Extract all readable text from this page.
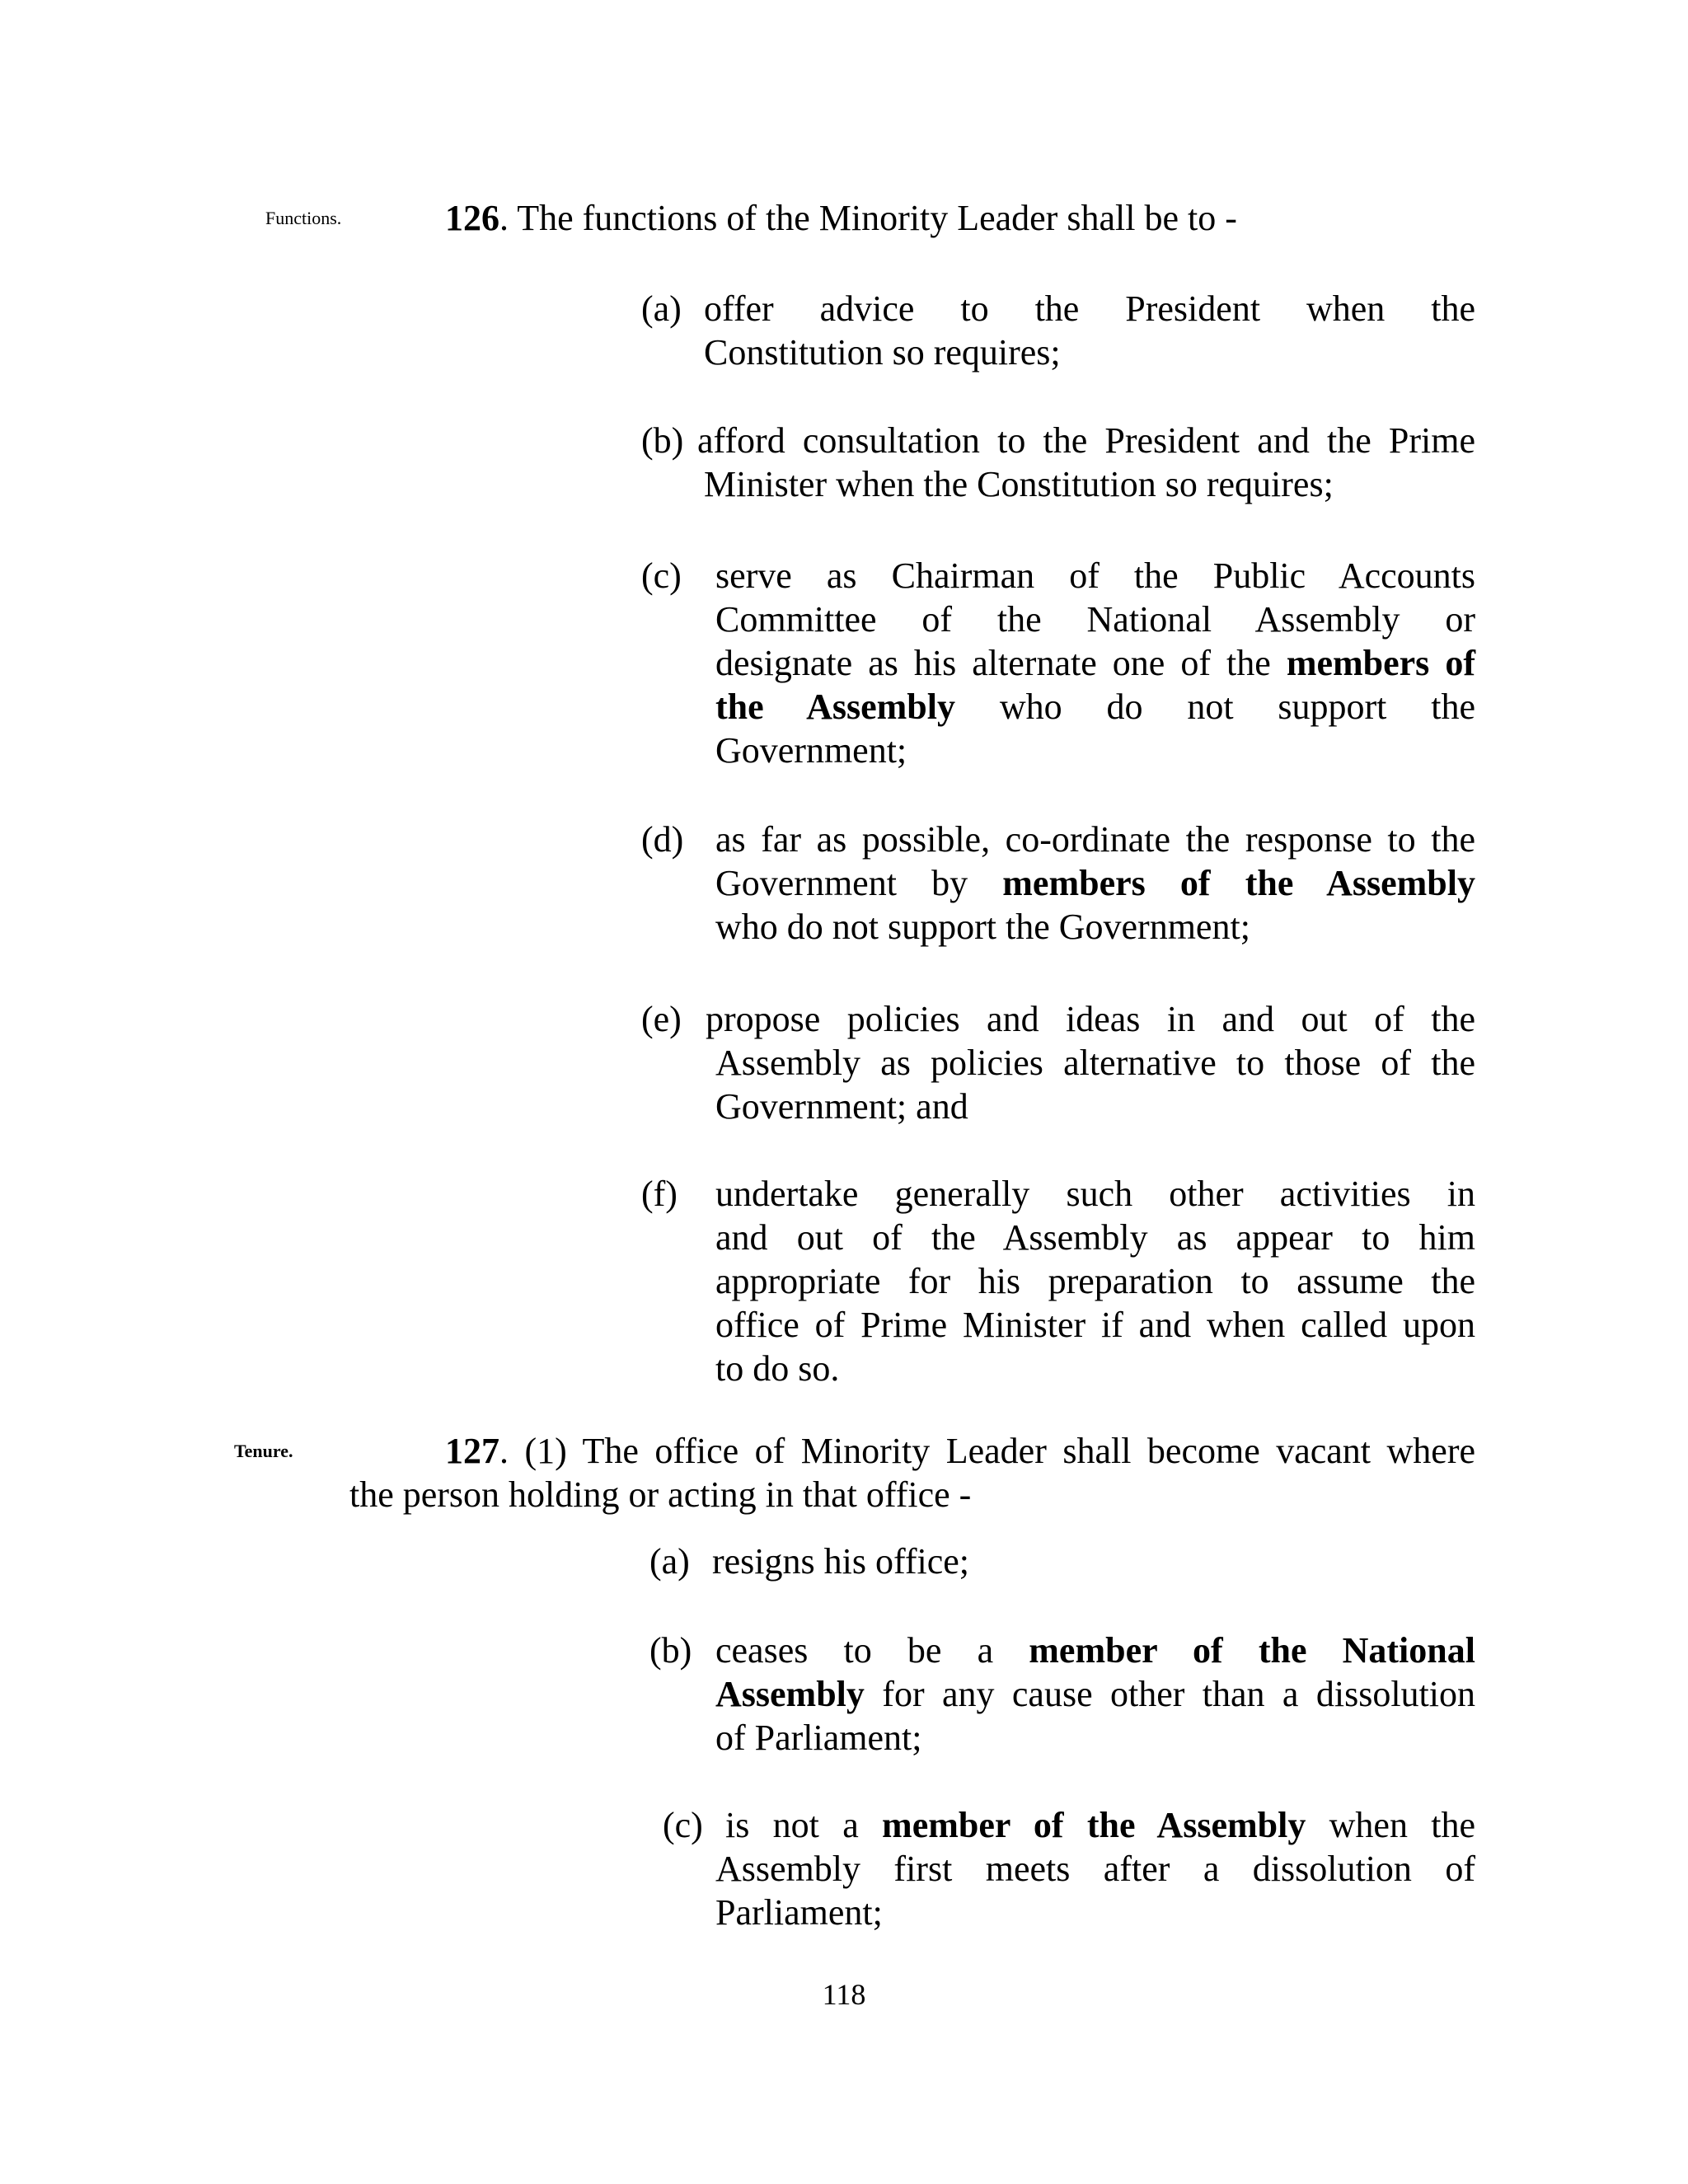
Functions.	126. The functions of the Minority Leader shall be to -
(a) offer advice to the President when the
Constitution so requires;
(b) afford consultation to the President and the Prime
Minister when the Constitution so requires;
(c) serve as Chairman of the Public Accounts
Committee of the National Assembly or
designate as his alternate one of the members of
the Assembly who do not support the
Government;
(d) as far as possible, co-ordinate the response to the
Government by members of the Assembly
who do not support the Government;
(e) propose policies and ideas in and out of the
Assembly as policies alternative to those of the
Government; and
(f) undertake generally such other activities in
and out of the Assembly as appear to him
appropriate for his preparation to assume the
office of Prime Minister if and when called upon
to do so.
Tenure.	127. (1) The office of Minority Leader shall become vacant where
the person holding or acting in that office -
(a) resigns his office;
(b) ceases to be a member of the National
Assembly for any cause other than a dissolution
of Parliament;
(c) is not a member of the Assembly when the
Assembly first meets after a dissolution of
Parliament;
118
